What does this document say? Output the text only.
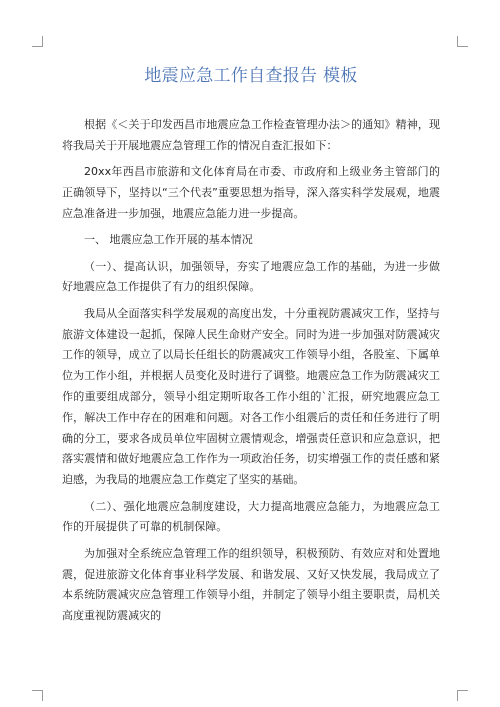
地震应急工作自查报告 模板

根据《＜关于印发西昌市地震应急工作检查管理办法＞的通知》精神，现将我局关于开展地震应急管理工作的情况自查汇报如下：

20xx年西昌市旅游和文化体育局在市委、市政府和上级业务主管部门的正确领导下，坚持以“三个代表”重要思想为指导，深入落实科学发展观，地震应急准备进一步加强，地震应急能力进一步提高。

一、 地震应急工作开展的基本情况

（一）、提高认识，加强领导，夯实了地震应急工作的基础，为进一步做好地震应急工作提供了有力的组织保障。

我局从全面落实科学发展观的高度出发，十分重视防震减灾工作，坚持与旅游文体建设一起抓，保障人民生命财产安全。同时为进一步加强对防震减灾工作的领导，成立了以局长任组长的防震减灾工作领导小组，各股室、下属单位为工作小组，并根据人员变化及时进行了调整。地震应急工作为防震减灾工作的重要组成部分，领导小组定期听取各工作小组的`汇报，研究地震应急工作，解决工作中存在的困难和问题。对各工作小组震后的责任和任务进行了明确的分工，要求各成员单位牢固树立震情观念，增强责任意识和应急意识，把落实震情和做好地震应急工作作为一项政治任务，切实增强工作的责任感和紧迫感，为我局的地震应急工作奠定了坚实的基础。

（二）、强化地震应急制度建设，大力提高地震应急能力，为地震应急工作的开展提供了可靠的机制保障。

为加强对全系统应急管理工作的组织领导，积极预防、有效应对和处置地震，促进旅游文化体育事业科学发展、和谐发展、又好又快发展，我局成立了本系统防震减灾应急管理工作领导小组，并制定了领导小组主要职责，局机关高度重视防震减灾的
